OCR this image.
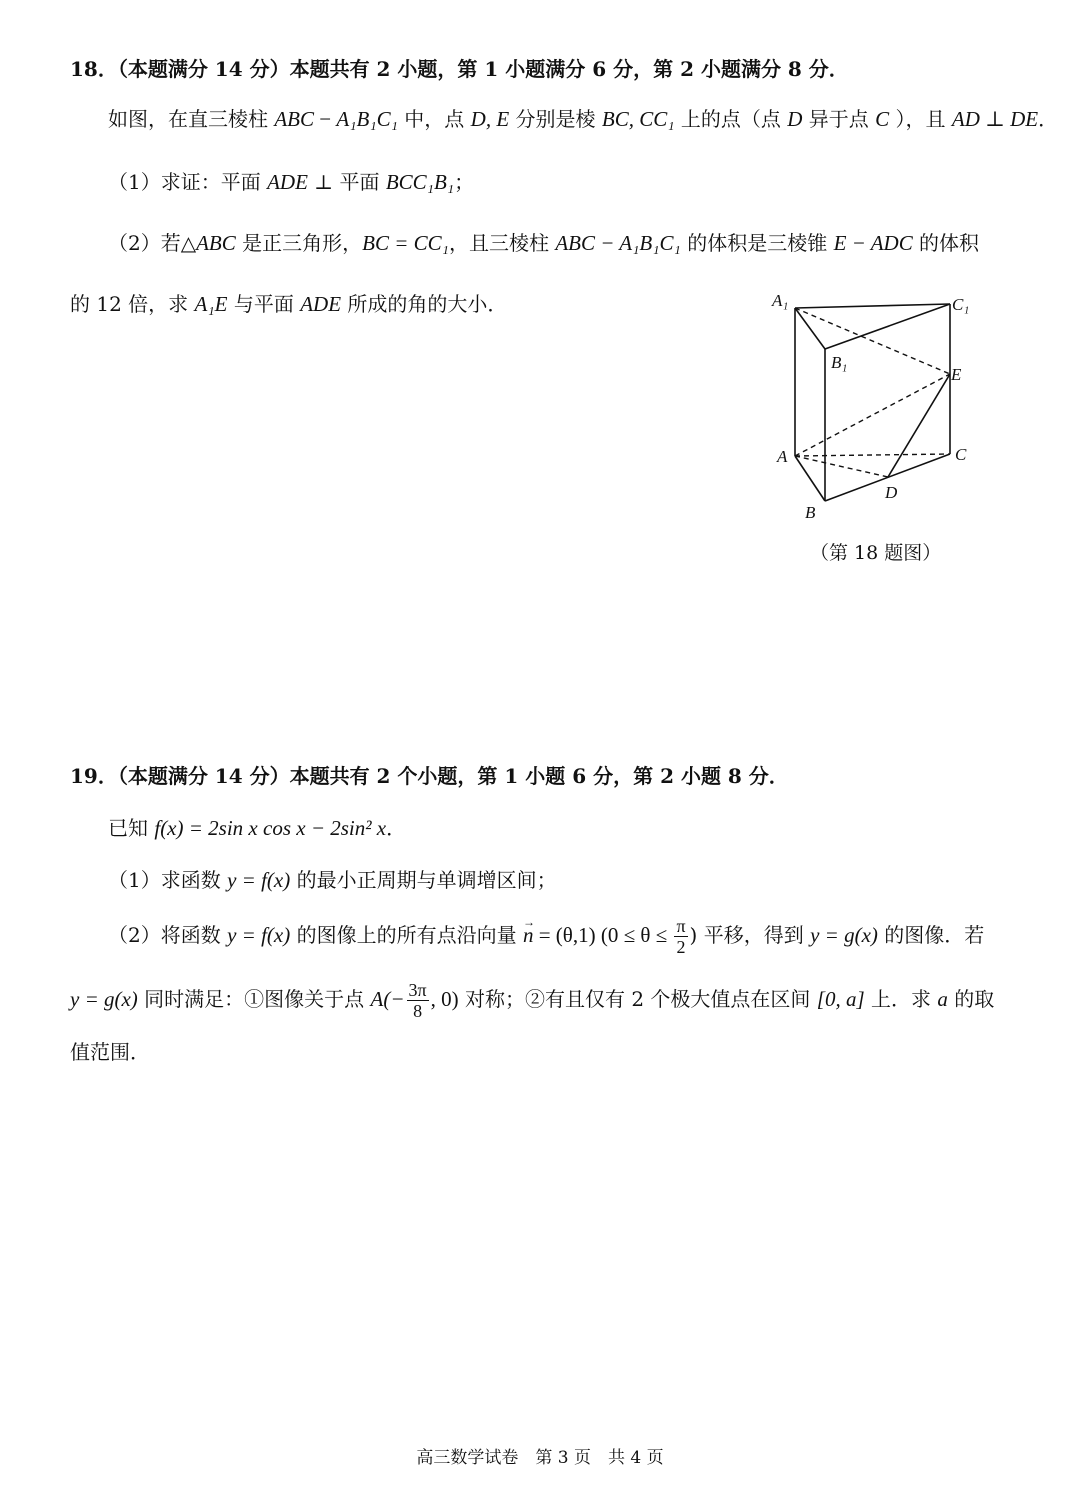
18．（本题满分 14 分）本题共有 2 小题，第 1 小题满分 6 分，第 2 小题满分 8 分．
如图，在直三棱柱 ABC − A₁B₁C₁ 中，点 D, E 分别是棱 BC, CC₁ 上的点（点 D 异于点 C ），且 AD ⊥ DE．
（1）求证：平面 ADE ⊥ 平面 BCC₁B₁；
（2）若△ABC 是正三角形，BC = CC₁，且三棱柱 ABC − A₁B₁C₁ 的体积是三棱锥 E − ADC 的体积
的 12 倍，求 A₁E 与平面 ADE 所成的角的大小．	A₁	C₁
B₁
E
A	C
D
B
（第 18 题图）
19．（本题满分 14 分）本题共有 2 个小题，第 1 小题 6 分，第 2 小题 8 分．
已知 f(x) = 2sin x cos x − 2sin² x．
（1）求函数 y = f(x) 的最小正周期与单调增区间；
（2）将函数 y = f(x) 的图像上的所有点沿向量 → n = (θ,1) ($0 \le \theta \le \frac{\pi}{2}$ ) 平移，得到 y = g(x) 的图像．若
y = g(x) 同时满足：①图像关于点 $A(- \frac{3\pi}{8}$ , 0) 对称；②有且仅有 2 个极大值点在区间 [0, a] 上．求 a 的取
值范围．
高三数学试卷　第 3 页　共 4 页
